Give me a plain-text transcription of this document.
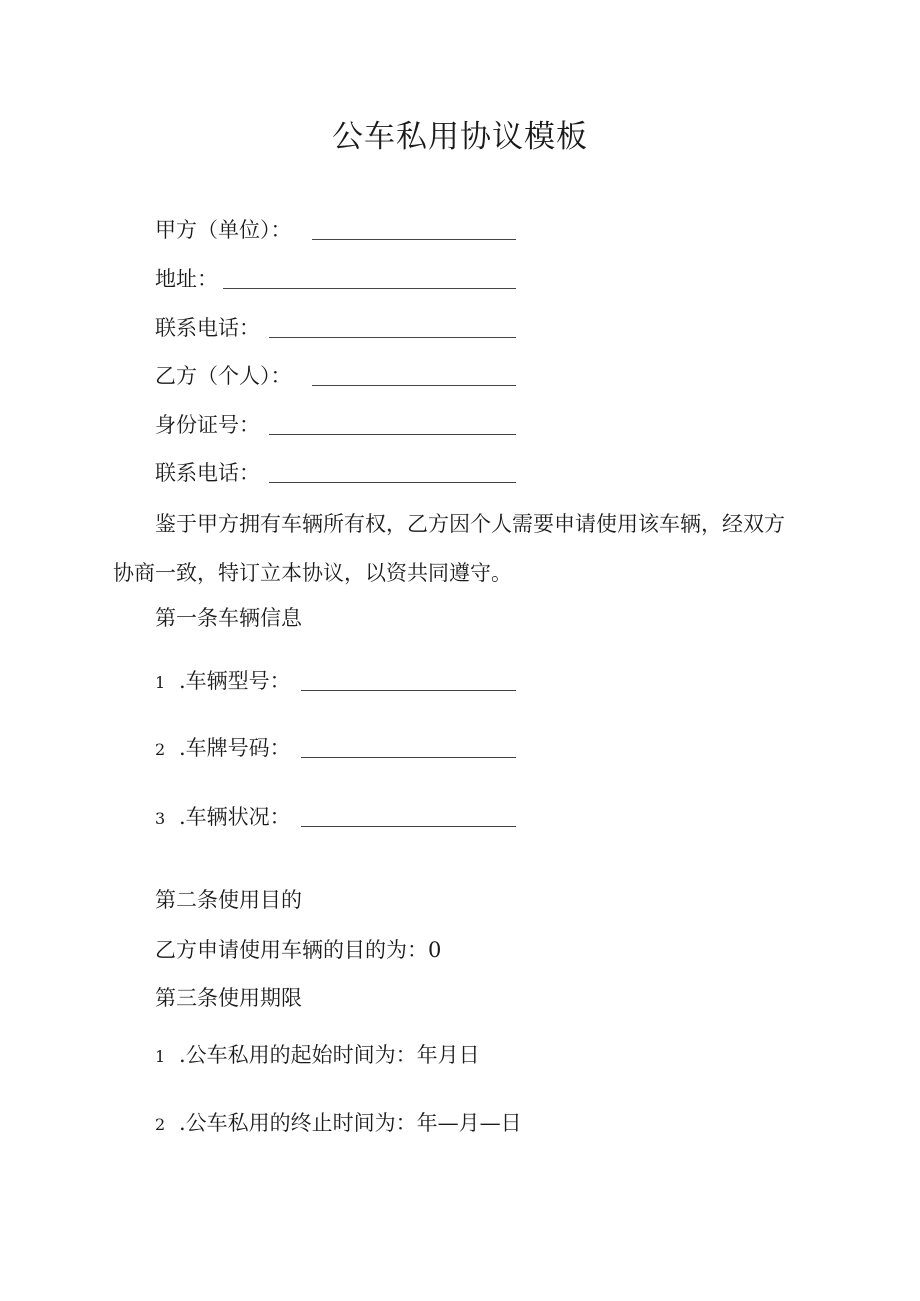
公车私用协议模板
甲方（单位）：
地址：
联系电话：
乙方（个人）：
身份证号：
联系电话：

鉴于甲方拥有车辆所有权，乙方因个人需要申请使用该车辆，经双方协商一致，特订立本协议，以资共同遵守。

第一条车辆信息
1 .车辆型号：
2 .车牌号码：
3 .车辆状况：
第二条使用目的
乙方申请使用车辆的目的为：0
第三条使用期限
1 .公车私用的起始时间为：年月日
2 .公车私用的终止时间为：年—月—日
